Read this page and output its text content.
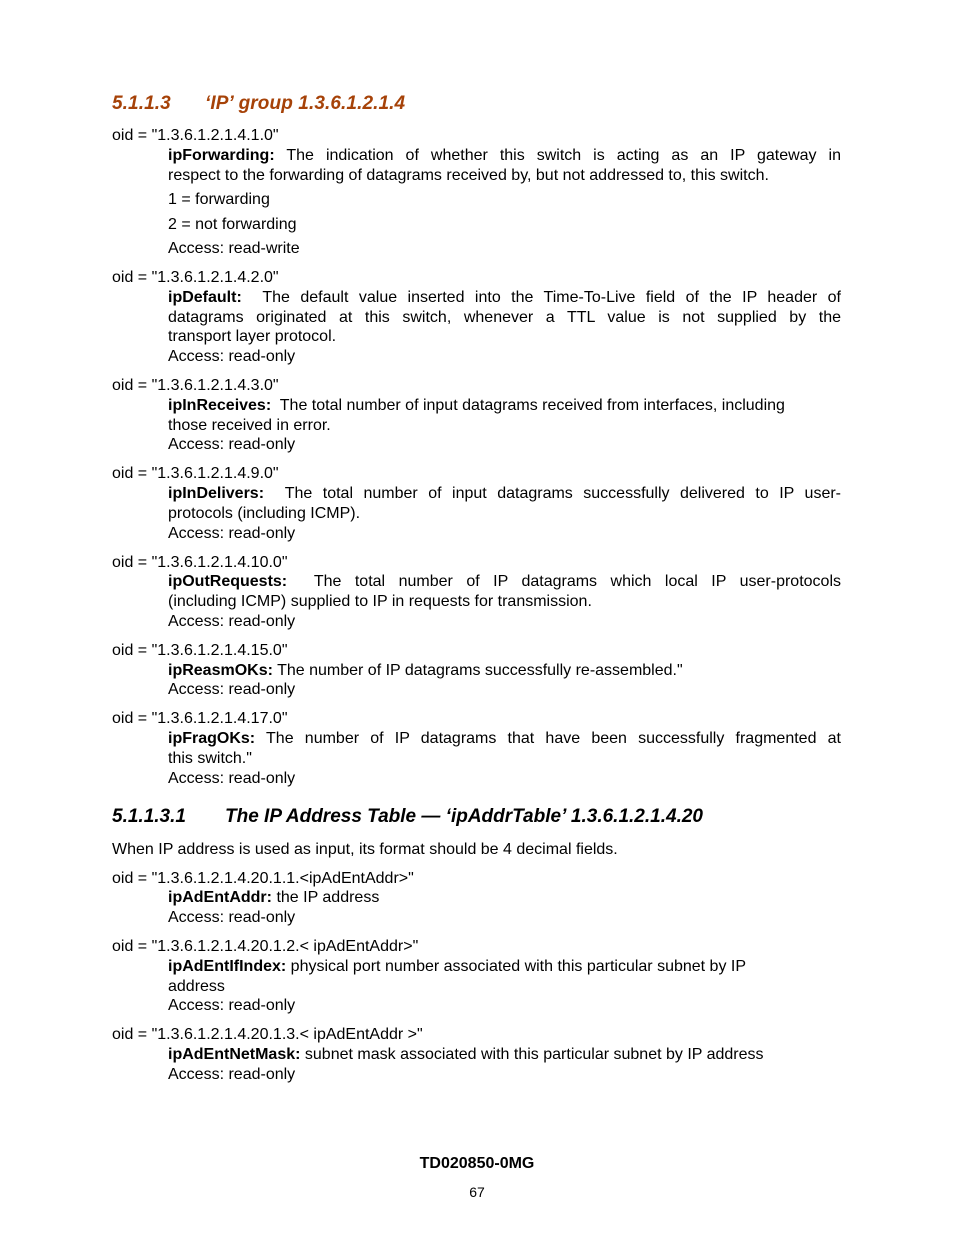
5.1.1.3 ‘IP’ group 1.3.6.1.2.1.4
oid = "1.3.6.1.2.1.4.1.0"
ipForwarding: The indication of whether this switch is acting as an IP gateway in
respect to the forwarding of datagrams received by, but not addressed to, this switch.
1 = forwarding
2 = not forwarding
Access: read-write
oid = "1.3.6.1.2.1.4.2.0"
ipDefault: The default value inserted into the Time-To-Live field of the IP header of
datagrams originated at this switch, whenever a TTL value is not supplied by the
transport layer protocol.
Access: read-only
oid = "1.3.6.1.2.1.4.3.0"
ipInReceives: The total number of input datagrams received from interfaces, including
those received in error.
Access: read-only
oid = "1.3.6.1.2.1.4.9.0"
ipInDelivers: The total number of input datagrams successfully delivered to IP user-
protocols (including ICMP).
Access: read-only
oid = "1.3.6.1.2.1.4.10.0"
ipOutRequests: The total number of IP datagrams which local IP user-protocols
(including ICMP) supplied to IP in requests for transmission.
Access: read-only
oid = "1.3.6.1.2.1.4.15.0"
ipReasmOKs: The number of IP datagrams successfully re-assembled."
Access: read-only
oid = "1.3.6.1.2.1.4.17.0"
ipFragOKs: The number of IP datagrams that have been successfully fragmented at
this switch."
Access: read-only
5.1.1.3.1 The IP Address Table — ‘ipAddrTable’ 1.3.6.1.2.1.4.20
When IP address is used as input, its format should be 4 decimal fields.
oid = "1.3.6.1.2.1.4.20.1.1.<ipAdEntAddr>"
ipAdEntAddr: the IP address
Access: read-only
oid = "1.3.6.1.2.1.4.20.1.2.< ipAdEntAddr>"
ipAdEntIfIndex: physical port number associated with this particular subnet by IP
address
Access: read-only
oid = "1.3.6.1.2.1.4.20.1.3.< ipAdEntAddr >"
ipAdEntNetMask: subnet mask associated with this particular subnet by IP address
Access: read-only
TD020850-0MG
67
